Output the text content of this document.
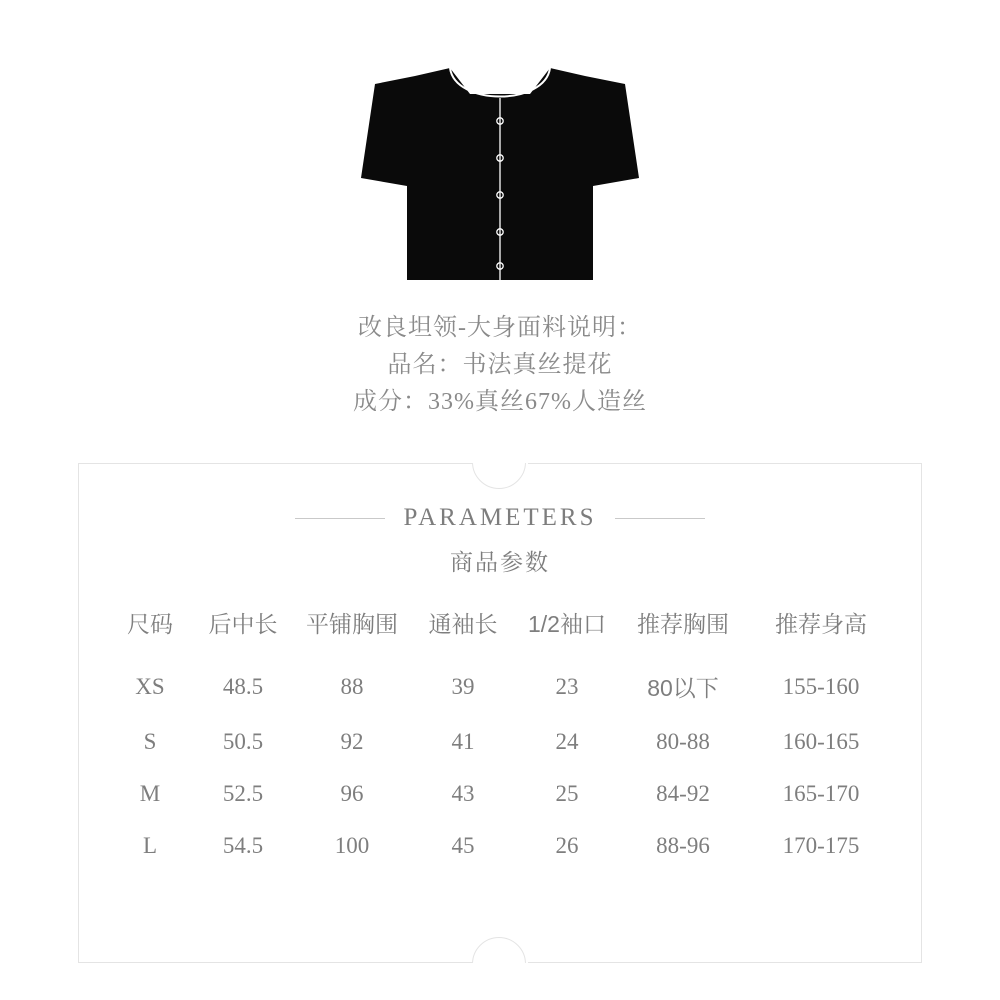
改良坦领-大身面料说明：
品名：书法真丝提花
成分：33%真丝67%人造丝
PARAMETERS
商品参数
尺码	后中长	平铺胸围	通袖长	1/2袖口	推荐胸围	推荐身高
XS	48.5	88	39	23	80以下	155-160
S	50.5	92	41	24	80-88	160-165
M	52.5	96	43	25	84-92	165-170
L	54.5	100	45	26	88-96	170-175
